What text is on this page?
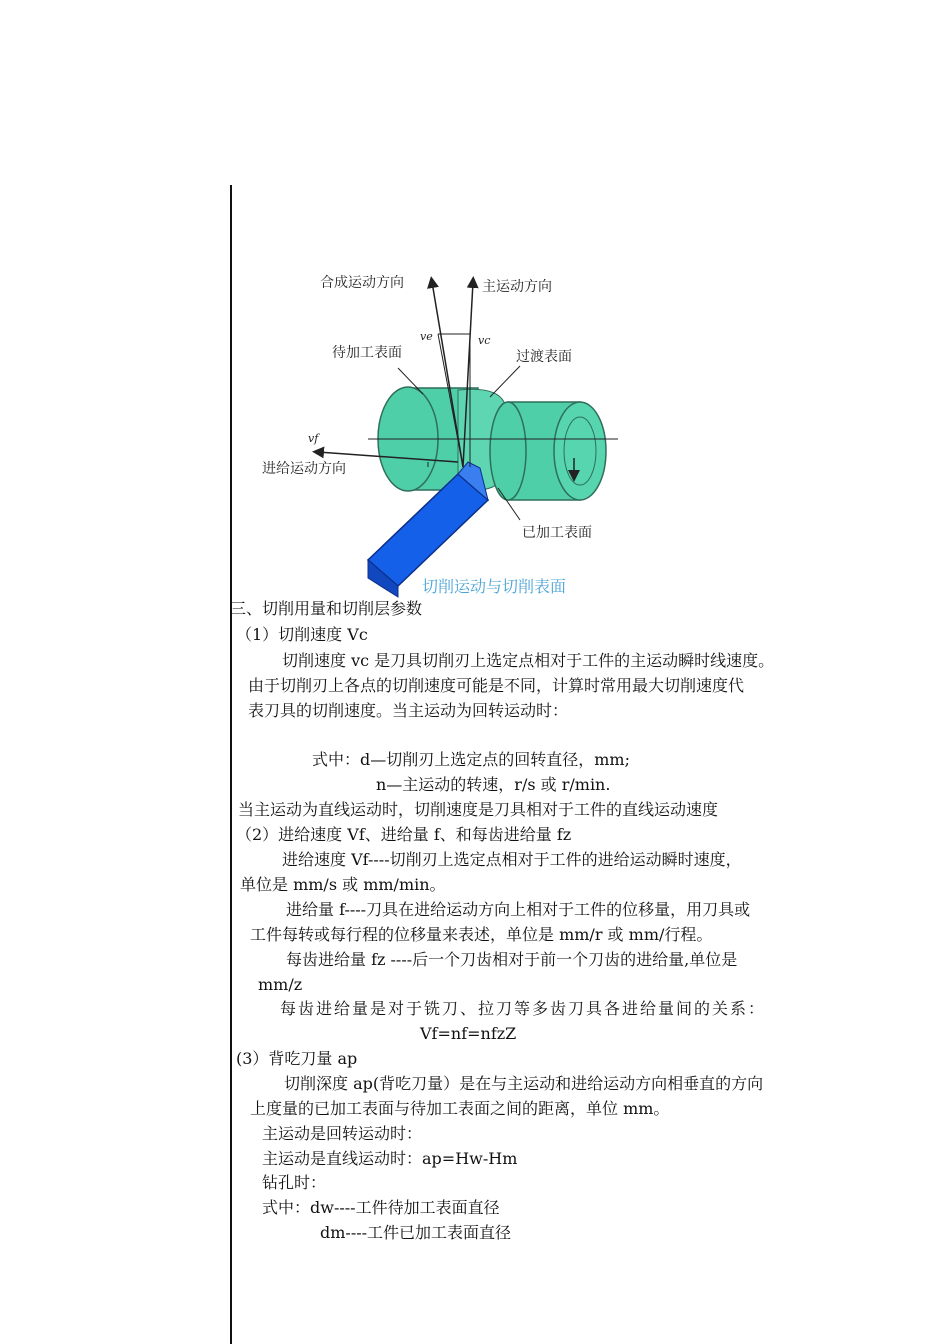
合成运动方向	主运动方向
ve	vc
待加工表面	过渡表面
vf
进给运动方向
已加工表面
切削运动与切削表面
三、切削用量和切削层参数
（1）切削速度 Vc
切削速度 vc 是刀具切削刃上选定点相对于工件的主运动瞬时线速度。
由于切削刃上各点的切削速度可能是不同，计算时常用最大切削速度代
表刀具的切削速度。当主运动为回转运动时：
式中：d—切削刃上选定点的回转直径，mm;
n—主运动的转速，r/s 或 r/min.
当主运动为直线运动时，切削速度是刀具相对于工件的直线运动速度
（2）进给速度 Vf、进给量 f、和每齿进给量 fz
进给速度 Vf----切削刃上选定点相对于工件的进给运动瞬时速度，
单位是 mm/s 或 mm/min。
进给量 f----刀具在进给运动方向上相对于工件的位移量，用刀具或
工件每转或每行程的位移量来表述，单位是 mm/r 或 mm/行程。
每齿进给量 fz ----后一个刀齿相对于前一个刀齿的进给量,单位是
mm/z
每齿进给量是对于铣刀、拉刀等多齿刀具各进给量间的关系：
Vf=nf=nfzZ
(3）背吃刀量 ap
切削深度 ap(背吃刀量）是在与主运动和进给运动方向相垂直的方向
上度量的已加工表面与待加工表面之间的距离，单位 mm。
主运动是回转运动时：
主运动是直线运动时：ap=Hw-Hm
钻孔时：
式中：dw----工件待加工表面直径
dm----工件已加工表面直径
